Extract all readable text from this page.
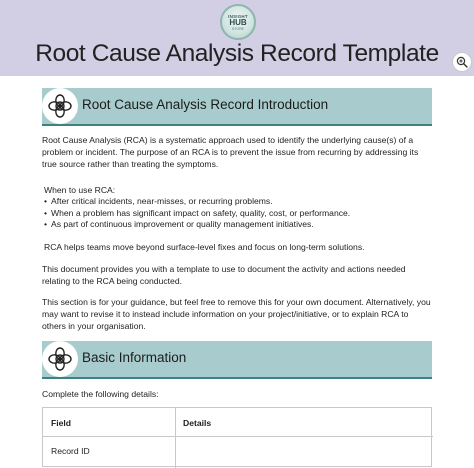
INSIGHT
HUB
STORE
Root Cause Analysis Record Template
Root Cause Analysis Record Introduction

Root Cause Analysis (RCA) is a systematic approach used to identify the underlying cause(s) of a problem or incident. The purpose of an RCA is to prevent the issue from recurring by addressing its true source rather than treating the symptoms.

When to use RCA:
• After critical incidents, near-misses, or recurring problems.
• When a problem has significant impact on safety, quality, cost, or performance.
• As part of continuous improvement or quality management initiatives.

RCA helps teams move beyond surface-level fixes and focus on long-term solutions.

This document provides you with a template to use to document the activity and actions needed relating to the RCA being conducted.

This section is for your guidance, but feel free to remove this for your own document. Alternatively, you may want to revise it to instead include information on your project/initiative, or to explain RCA to others in your organisation.

Basic Information

Complete the following details:

Field	Details
Record ID
